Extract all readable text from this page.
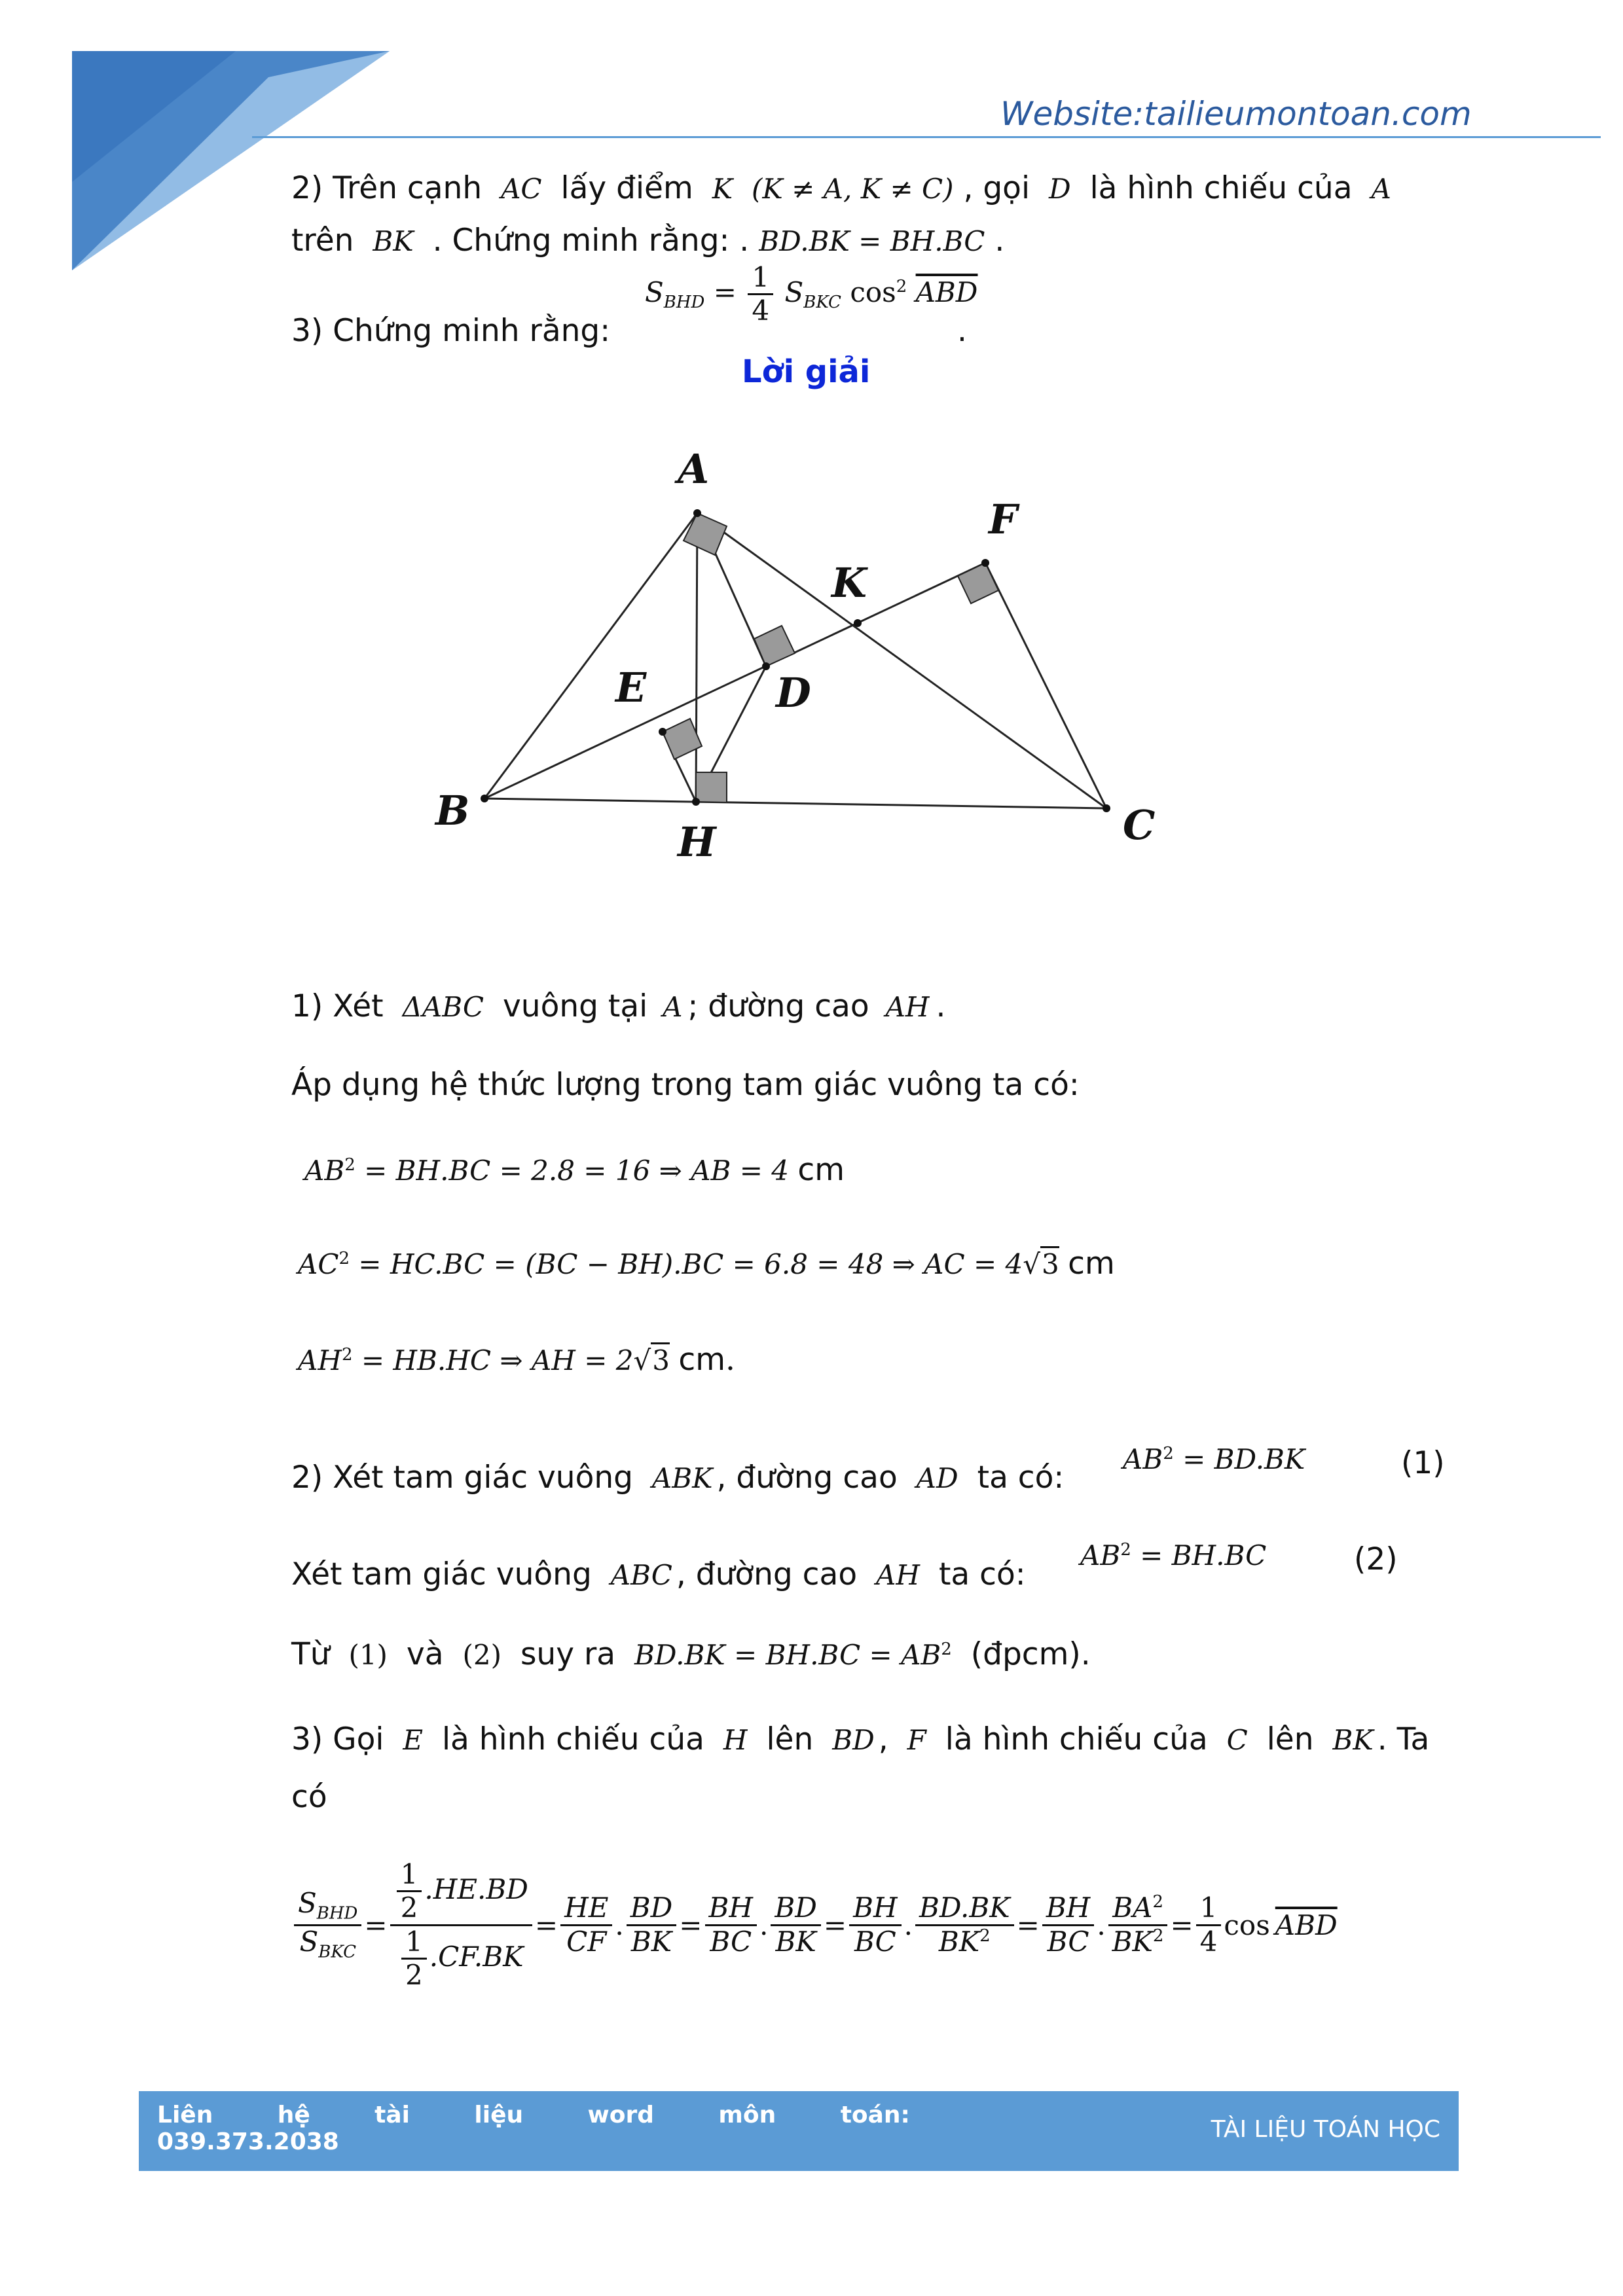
Website:tailieumontoan.com
2) Trên cạnh AC lấy điểm K (K ≠ A, K ≠ C) , gọi D là hình chiếu của A
trên BK . Chứng minh rằng: . BD.BK = BH.BC .
3) Chứng minh rằng:
$S_{BHD} = \frac{1}{4} S_{BKC}$ $\cos^2 \overline{ABD}$
.
Lời giải
A
F
K
E	D
B
H	C
1) Xét ΔABC vuông tại A ; đường cao AH .
Áp dụng hệ thức lượng trong tam giác vuông ta có:
$AB^2 = BH.BC = 2.8 = 16$ ⇒ AB = 4 cm
$AC^2 = HC.BC = (BC - BH).BC = 6.8 = 48$ ⇒ AC = 4√3 cm
$AH^2 = HB.HC$ ⇒ AH = 2√3 cm.
2) Xét tam giác vuông ABK , đường cao AD ta có:
$AB^2 = BD.BK$	(1)
Xét tam giác vuông ABC , đường cao AH ta có:
$AB^2 = BH.BC$	(2)
Từ (1) và (2) suy ra $BD.BK = BH.BC = AB^2$ (đpcm).
3) Gọi E là hình chiếu của H lên BD , F là hình chiếu của C lên BK . Ta
có
$\frac{S_{BHD}}{S_{BKC}} = \frac{\frac{1}{2} .HE.BD}{\frac{1}{2} .CF.BK} = \frac{HE}{CF}$ . $\frac{BD}{BK} = \frac{BH}{BC}$ . $\frac{BD}{BK} = \frac{BH}{BC}$ . $\frac{BD.BK}{BK^2} = \frac{BH}{BC}$ . $\frac{BA^2}{BK^2} = \frac{1}{4}$ $\cos \overline{ABD}$
Liên	hệ	tài	liệu	word	môn	toán:
039.373.2038	TÀI LIỆU TOÁN HỌC
